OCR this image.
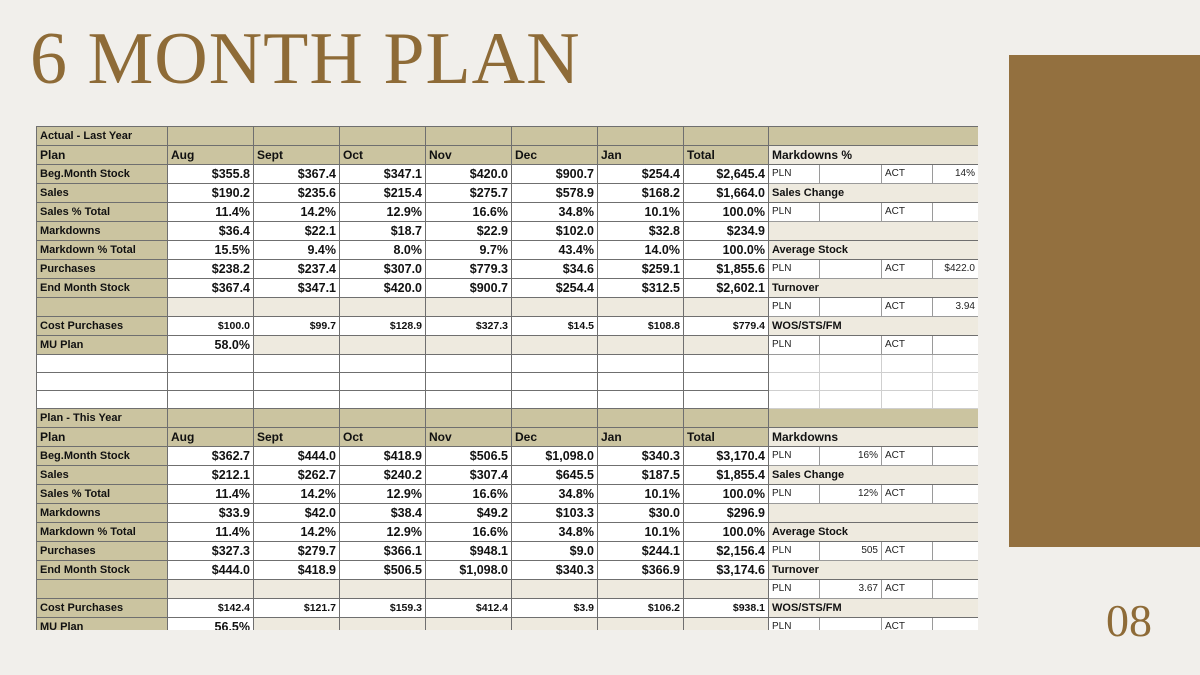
6 MONTH PLAN
08
Actual - Last Year											
Plan	Aug	Sept	Oct	Nov	Dec	Jan	Total	Markdowns %			
Beg.Month Stock	$355.8	$367.4	$347.1	$420.0	$900.7	$254.4	$2,645.4	PLN		ACT	14%
Sales	$190.2	$235.6	$215.4	$275.7	$578.9	$168.2	$1,664.0	Sales Change			
Sales % Total	11.4%	14.2%	12.9%	16.6%	34.8%	10.1%	100.0%	PLN		ACT	
Markdowns	$36.4	$22.1	$18.7	$22.9	$102.0	$32.8	$234.9				
Markdown % Total	15.5%	9.4%	8.0%	9.7%	43.4%	14.0%	100.0%	Average Stock			
Purchases	$238.2	$237.4	$307.0	$779.3	$34.6	$259.1	$1,855.6	PLN		ACT	$422.0
End Month Stock	$367.4	$347.1	$420.0	$900.7	$254.4	$312.5	$2,602.1	Turnover			
								PLN		ACT	3.94
Cost Purchases	$100.0	$99.7	$128.9	$327.3	$14.5	$108.8	$779.4	WOS/STS/FM			
MU Plan	58.0%							PLN		ACT	

Plan - This Year											
Plan	Aug	Sept	Oct	Nov	Dec	Jan	Total	Markdowns			
Beg.Month Stock	$362.7	$444.0	$418.9	$506.5	$1,098.0	$340.3	$3,170.4	PLN	16%	ACT	
Sales	$212.1	$262.7	$240.2	$307.4	$645.5	$187.5	$1,855.4	Sales Change			
Sales % Total	11.4%	14.2%	12.9%	16.6%	34.8%	10.1%	100.0%	PLN	12%	ACT	
Markdowns	$33.9	$42.0	$38.4	$49.2	$103.3	$30.0	$296.9				
Markdown % Total	11.4%	14.2%	12.9%	16.6%	34.8%	10.1%	100.0%	Average Stock			
Purchases	$327.3	$279.7	$366.1	$948.1	$9.0	$244.1	$2,156.4	PLN	505	ACT	
End Month Stock	$444.0	$418.9	$506.5	$1,098.0	$340.3	$366.9	$3,174.6	Turnover			
								PLN	3.67	ACT	
Cost Purchases	$142.4	$121.7	$159.3	$412.4	$3.9	$106.2	$938.1	WOS/STS/FM			
MU Plan	56.5%							PLN		ACT	
